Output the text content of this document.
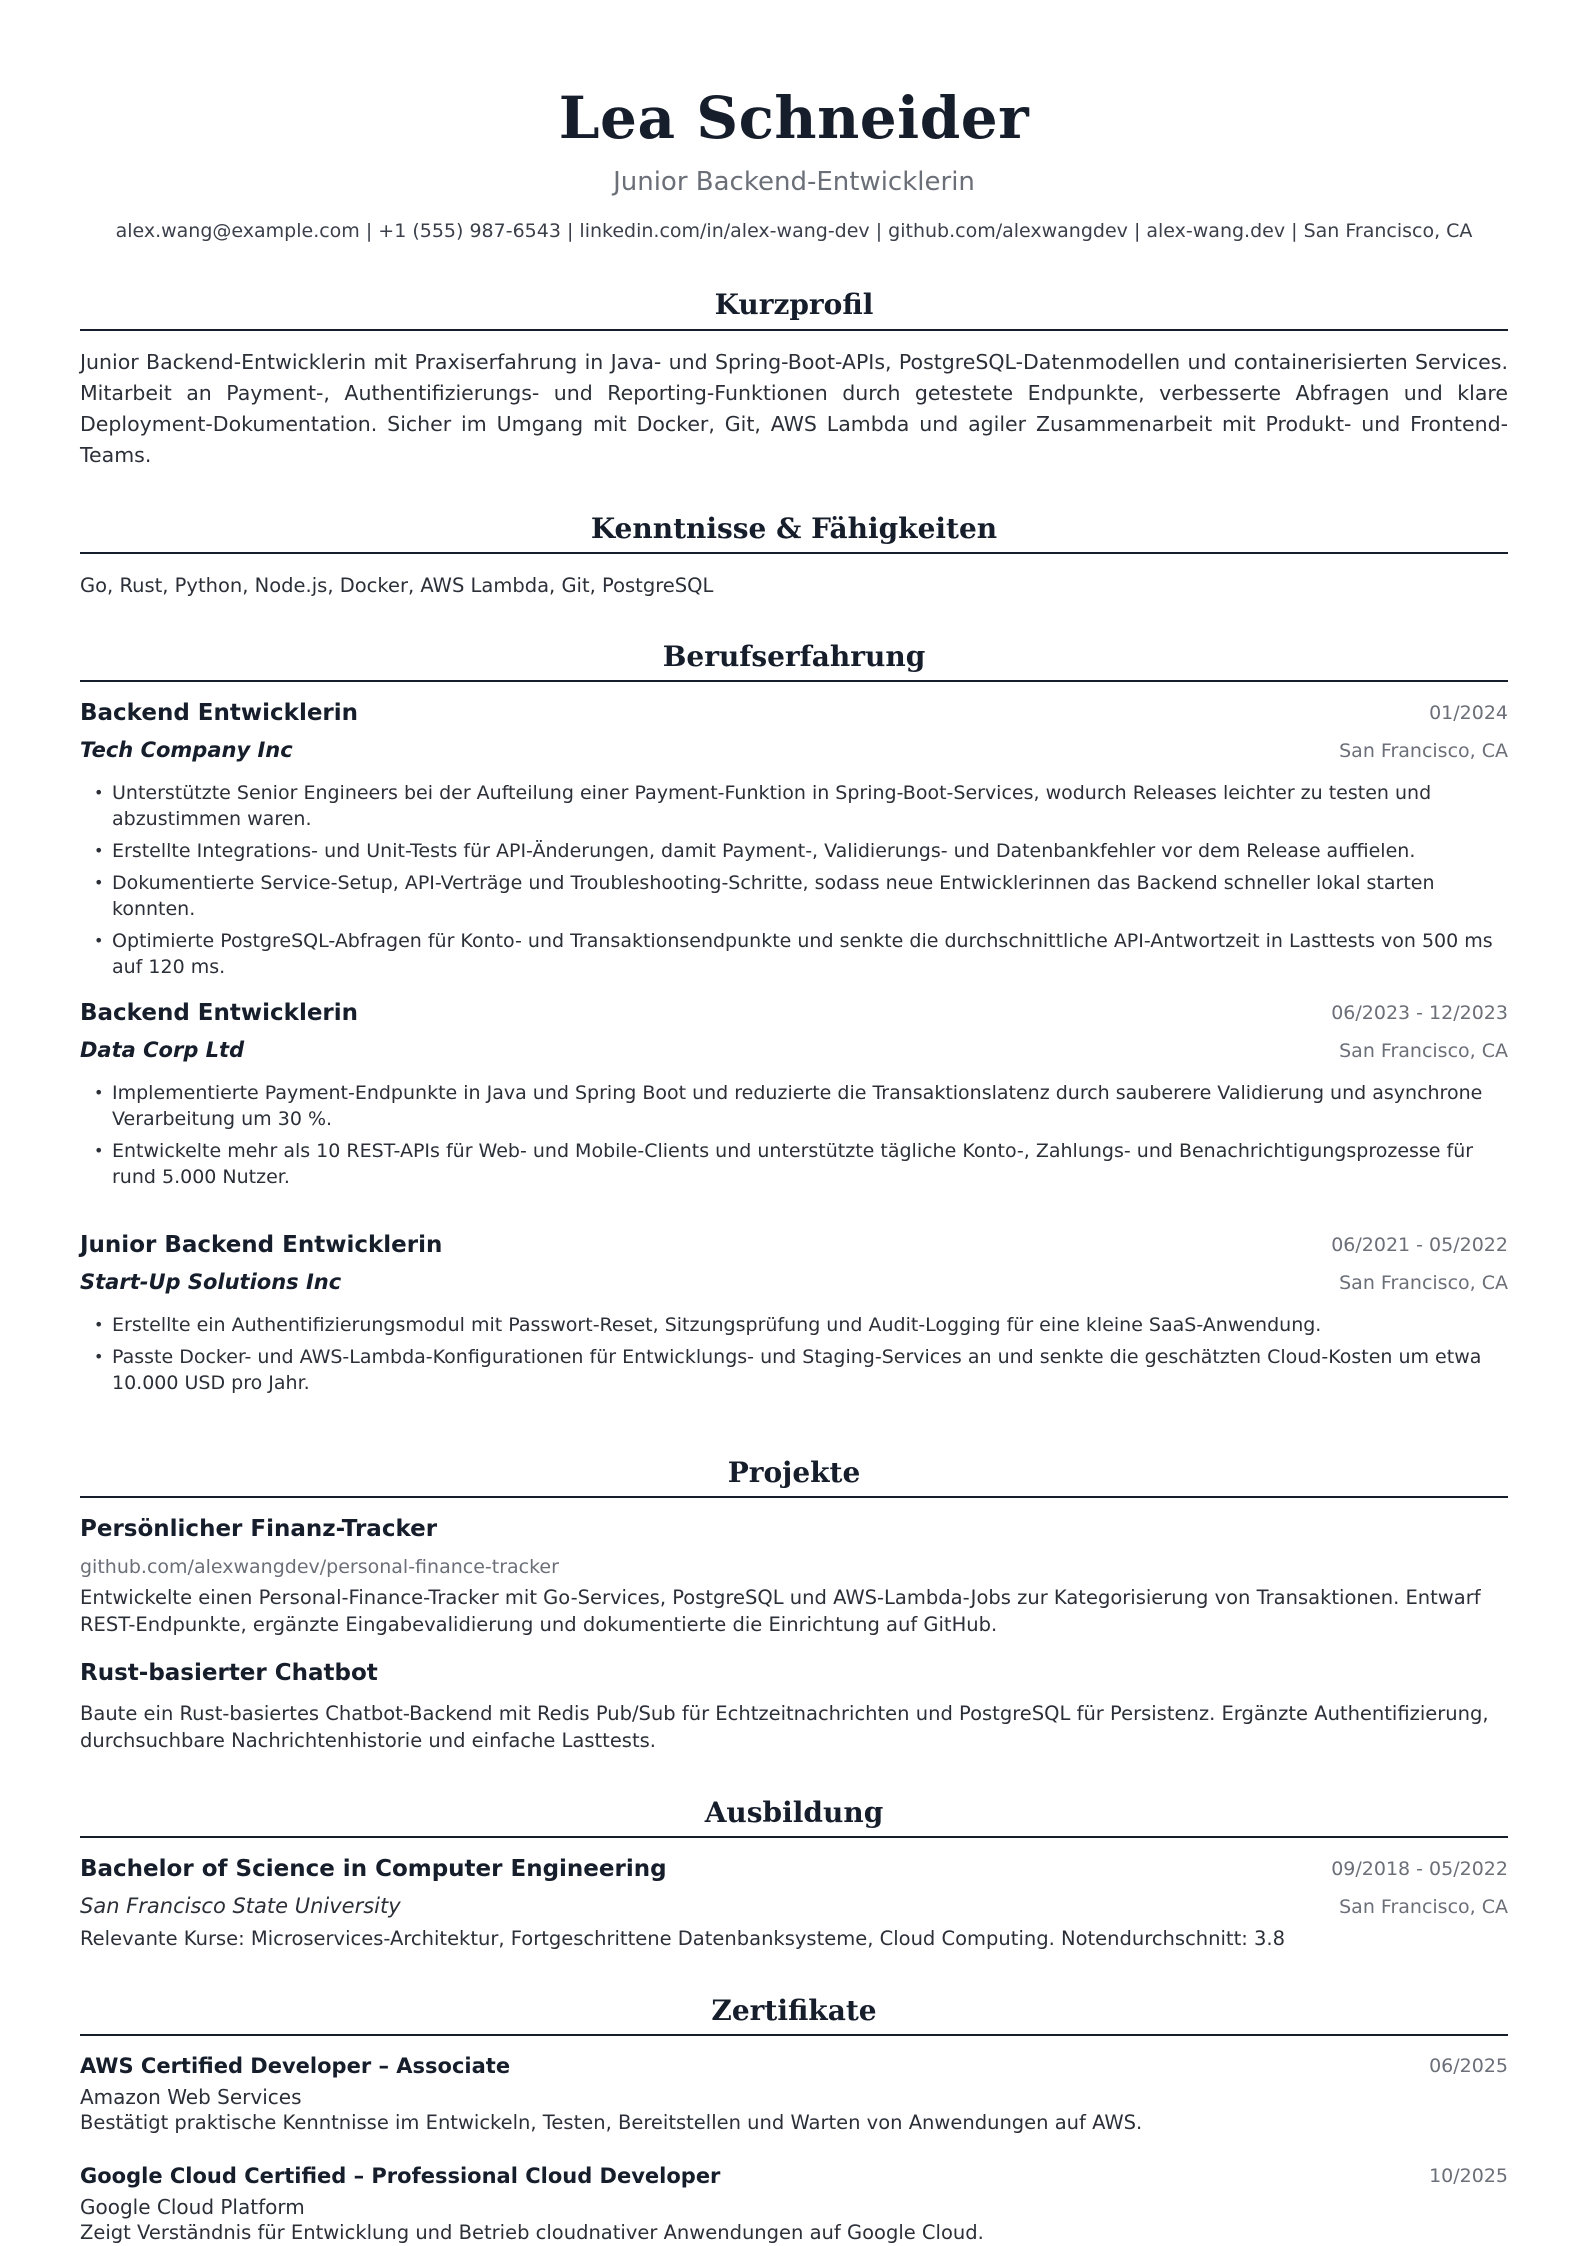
Lea Schneider
Junior Backend-Entwicklerin
alex.wang@example.com | +1 (555) 987-6543 | linkedin.com/in/alex-wang-dev | github.com/alexwangdev | alex-wang.dev | San Francisco, CA
Kurzprofil
Junior Backend-Entwicklerin mit Praxiserfahrung in Java- und Spring-Boot-APIs, PostgreSQL-Datenmodellen und containerisierten Services. Mitarbeit an Payment-, Authentifizierungs- und Reporting-Funktionen durch getestete Endpunkte, verbesserte Abfragen und klare Deployment-Dokumentation. Sicher im Umgang mit Docker, Git, AWS Lambda und agiler Zusammenarbeit mit Produkt- und Frontend-Teams.
Kenntnisse & Fähigkeiten
Go, Rust, Python, Node.js, Docker, AWS Lambda, Git, PostgreSQL
Berufserfahrung
Backend Entwicklerin	01/2024
Tech Company Inc	San Francisco, CA
• Unterstützte Senior Engineers bei der Aufteilung einer Payment-Funktion in Spring-Boot-Services, wodurch Releases leichter zu testen und abzustimmen waren.
• Erstellte Integrations- und Unit-Tests für API-Änderungen, damit Payment-, Validierungs- und Datenbankfehler vor dem Release auffielen.
• Dokumentierte Service-Setup, API-Verträge und Troubleshooting-Schritte, sodass neue Entwicklerinnen das Backend schneller lokal starten konnten.
• Optimierte PostgreSQL-Abfragen für Konto- und Transaktionsendpunkte und senkte die durchschnittliche API-Antwortzeit in Lasttests von 500 ms auf 120 ms.
Backend Entwicklerin	06/2023 - 12/2023
Data Corp Ltd	San Francisco, CA
• Implementierte Payment-Endpunkte in Java und Spring Boot und reduzierte die Transaktionslatenz durch sauberere Validierung und asynchrone Verarbeitung um 30 %.
• Entwickelte mehr als 10 REST-APIs für Web- und Mobile-Clients und unterstützte tägliche Konto-, Zahlungs- und Benachrichtigungsprozesse für rund 5.000 Nutzer.
Junior Backend Entwicklerin	06/2021 - 05/2022
Start-Up Solutions Inc	San Francisco, CA
• Erstellte ein Authentifizierungsmodul mit Passwort-Reset, Sitzungsprüfung und Audit-Logging für eine kleine SaaS-Anwendung.
• Passte Docker- und AWS-Lambda-Konfigurationen für Entwicklungs- und Staging-Services an und senkte die geschätzten Cloud-Kosten um etwa 10.000 USD pro Jahr.
Projekte
Persönlicher Finanz-Tracker
github.com/alexwangdev/personal-finance-tracker
Entwickelte einen Personal-Finance-Tracker mit Go-Services, PostgreSQL und AWS-Lambda-Jobs zur Kategorisierung von Transaktionen. Entwarf REST-Endpunkte, ergänzte Eingabevalidierung und dokumentierte die Einrichtung auf GitHub.
Rust-basierter Chatbot
Baute ein Rust-basiertes Chatbot-Backend mit Redis Pub/Sub für Echtzeitnachrichten und PostgreSQL für Persistenz. Ergänzte Authentifizierung, durchsuchbare Nachrichtenhistorie und einfache Lasttests.
Ausbildung
Bachelor of Science in Computer Engineering	09/2018 - 05/2022
San Francisco State University	San Francisco, CA
Relevante Kurse: Microservices-Architektur, Fortgeschrittene Datenbanksysteme, Cloud Computing. Notendurchschnitt: 3.8
Zertifikate
AWS Certified Developer – Associate	06/2025
Amazon Web Services
Bestätigt praktische Kenntnisse im Entwickeln, Testen, Bereitstellen und Warten von Anwendungen auf AWS.
Google Cloud Certified – Professional Cloud Developer	10/2025
Google Cloud Platform
Zeigt Verständnis für Entwicklung und Betrieb cloudnativer Anwendungen auf Google Cloud.
